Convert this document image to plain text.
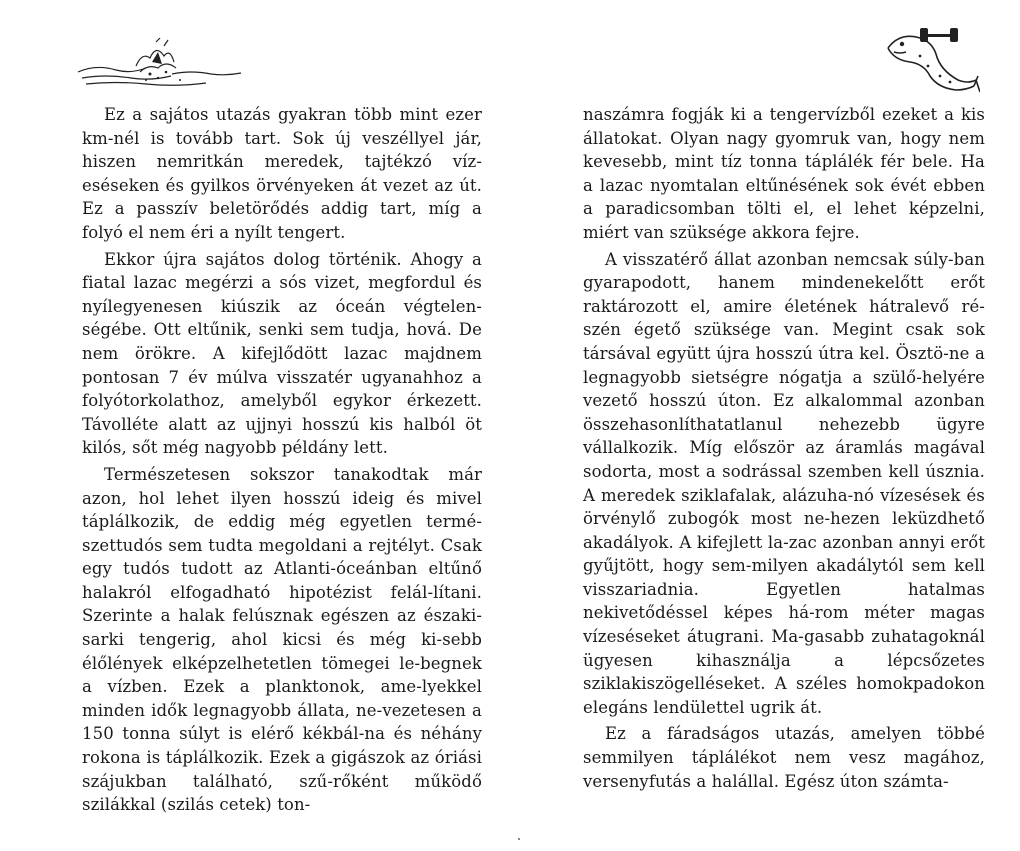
Ez a sajátos utazás gyakran több mint ezer km-nél is tovább tart. Sok új veszéllyel jár, hiszen nemritkán meredek, tajtékzó víz-eséseken és gyilkos örvényeken át vezet az út. Ez a passzív beletörődés addig tart, míg a folyó el nem éri a nyílt tengert.

Ekkor újra sajátos dolog történik. Ahogy a fiatal lazac megérzi a sós vizet, megfordul és nyílegyenesen kiúszik az óceán végtelen-ségébe. Ott eltűnik, senki sem tudja, hová. De nem örökre. A kifejlődött lazac majdnem pontosan 7 év múlva visszatér ugyanahhoz a folyótorkolathoz, amelyből egykor érkezett. Távolléte alatt az ujjnyi hosszú kis halból öt kilós, sőt még nagyobb példány lett.

Természetesen sokszor tanakodtak már azon, hol lehet ilyen hosszú ideig és mivel táplálkozik, de eddig még egyetlen termé-szettudós sem tudta megoldani a rejtélyt. Csak egy tudós tudott az Atlanti-óceánban eltűnő halakról elfogadható hipotézist felál-lítani. Szerinte a halak felúsznak egészen az északi-sarki tengerig, ahol kicsi és még ki-sebb élőlények elképzelhetetlen tömegei le-begnek a vízben. Ezek a planktonok, ame-lyekkel minden idők legnagyobb állata, ne-vezetesen a 150 tonna súlyt is elérő kékbál-na és néhány rokona is táplálkozik. Ezek a gigászok az óriási szájukban található, szű-rőként működő szilákkal (szilás cetek) ton-

naszámra fogják ki a tengervízből ezeket a kis állatokat. Olyan nagy gyomruk van, hogy nem kevesebb, mint tíz tonna táplálék fér bele. Ha a lazac nyomtalan eltűnésének sok évét ebben a paradicsomban tölti el, el lehet képzelni, miért van szüksége akkora fejre.

A visszatérő állat azonban nemcsak súly-ban gyarapodott, hanem mindenekelőtt erőt raktározott el, amire életének hátralevő ré-szén égető szüksége van. Megint csak sok társával együtt újra hosszú útra kel. Ösztö-ne a legnagyobb sietségre nógatja a szülő-helyére vezető hosszú úton. Ez alkalommal azonban összehasonlíthatatlanul nehezebb ügyre vállalkozik. Míg először az áramlás magával sodorta, most a sodrással szemben kell úsznia. A meredek sziklafalak, alázuha-nó vízesések és örvénylő zubogók most ne-hezen leküzdhető akadályok. A kifejlett la-zac azonban annyi erőt gyűjtött, hogy sem-milyen akadálytól sem kell visszariadnia. Egyetlen hatalmas nekivetődéssel képes há-rom méter magas vízeséseket átugrani. Ma-gasabb zuhatagoknál ügyesen kihasználja a lépcsőzetes sziklakiszögelléseket. A széles homokpadokon elegáns lendülettel ugrik át.

Ez a fáradságos utazás, amelyen többé semmilyen táplálékot nem vesz magához, versenyfutás a halállal. Egész úton számta-
